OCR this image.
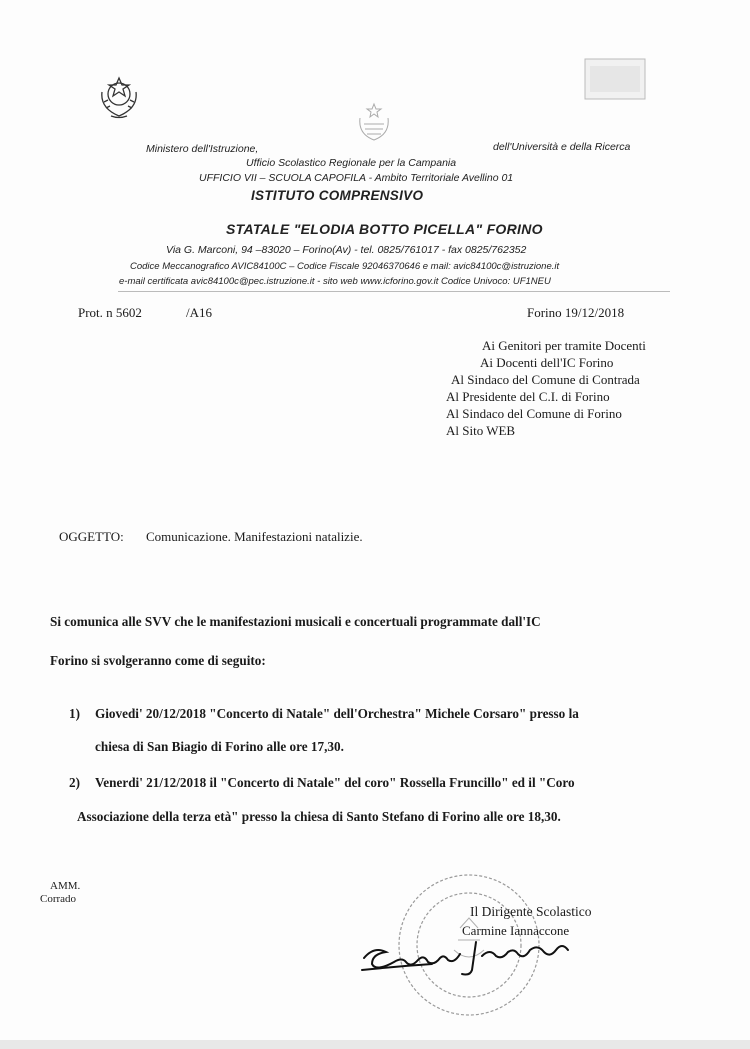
Ministero dell'Istruzione,	dell'Università e della Ricerca
Ufficio Scolastico Regionale per la Campania
UFFICIO VII – SCUOLA CAPOFILA - Ambito Territoriale Avellino 01
ISTITUTO COMPRENSIVO
STATALE "ELODIA BOTTO PICELLA" FORINO
Via G. Marconi, 94 –83020 – Forino(Av) - tel. 0825/761017 - fax 0825/762352
Codice Meccanografico AVIC84100C – Codice Fiscale 92046370646 e mail: avic84100c@istruzione.it
e-mail certificata avic84100c@pec.istruzione.it - sito web www.icforino.gov.it Codice Univoco: UF1NEU
Prot. n 5602	/A16	Forino 19/12/2018
Ai Genitori per tramite Docenti
Ai Docenti dell'IC Forino
Al Sindaco del Comune di Contrada
Al Presidente del C.I. di Forino
Al Sindaco del Comune di Forino
Al Sito WEB
OGGETTO: Comunicazione. Manifestazioni natalizie.
Si comunica alle SVV che le manifestazioni musicali e concertuali programmate dall'IC
Forino si svolgeranno come di seguito:
1) Giovedi' 20/12/2018 "Concerto di Natale" dell'Orchestra" Michele Corsaro" presso la
chiesa di San Biagio di Forino alle ore 17,30.
2) Venerdi' 21/12/2018 il "Concerto di Natale" del coro" Rossella Fruncillo" ed il "Coro
Associazione della terza età" presso la chiesa di Santo Stefano di Forino alle ore 18,30.
AMM.
Corrado
Il Dirigente Scolastico
Carmine Iannaccone
